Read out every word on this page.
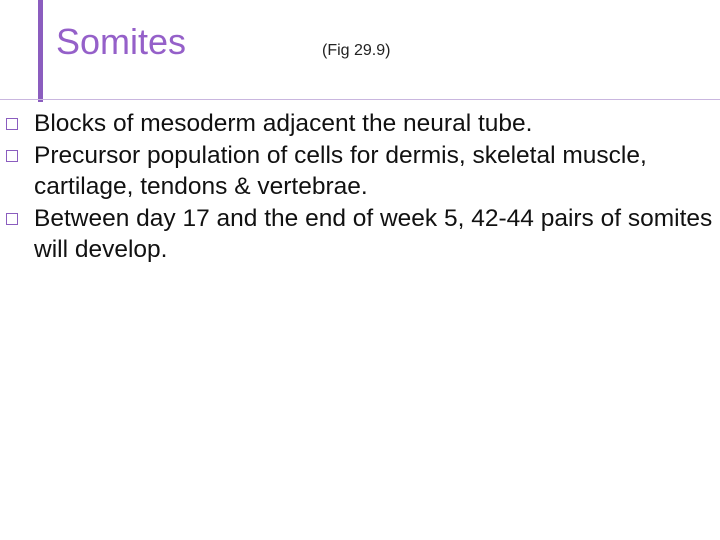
Somites	(Fig 29.9)
Blocks of mesoderm adjacent the neural tube.
Precursor population of cells for dermis, skeletal muscle, cartilage, tendons & vertebrae.
Between day 17 and the end of week 5, 42-44 pairs of somites will develop.
